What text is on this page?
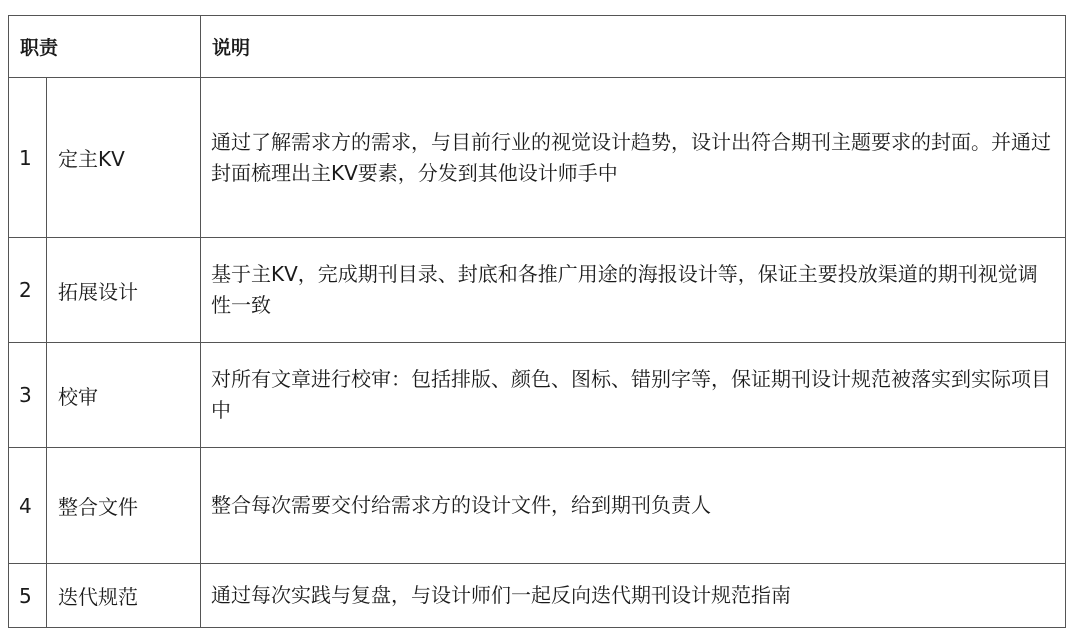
职责		说明
1	定主KV	通过了解需求方的需求，与目前行业的视觉设计趋势，设计出符合期刊主题要求的封面。并通过封面梳理出主KV要素，分发到其他设计师手中
2	拓展设计	基于主KV，完成期刊目录、封底和各推广用途的海报设计等，保证主要投放渠道的期刊视觉调性一致
3	校审	对所有文章进行校审：包括排版、颜色、图标、错别字等，保证期刊设计规范被落实到实际项目中
4	整合文件	整合每次需要交付给需求方的设计文件，给到期刊负责人
5	迭代规范	通过每次实践与复盘，与设计师们一起反向迭代期刊设计规范指南
